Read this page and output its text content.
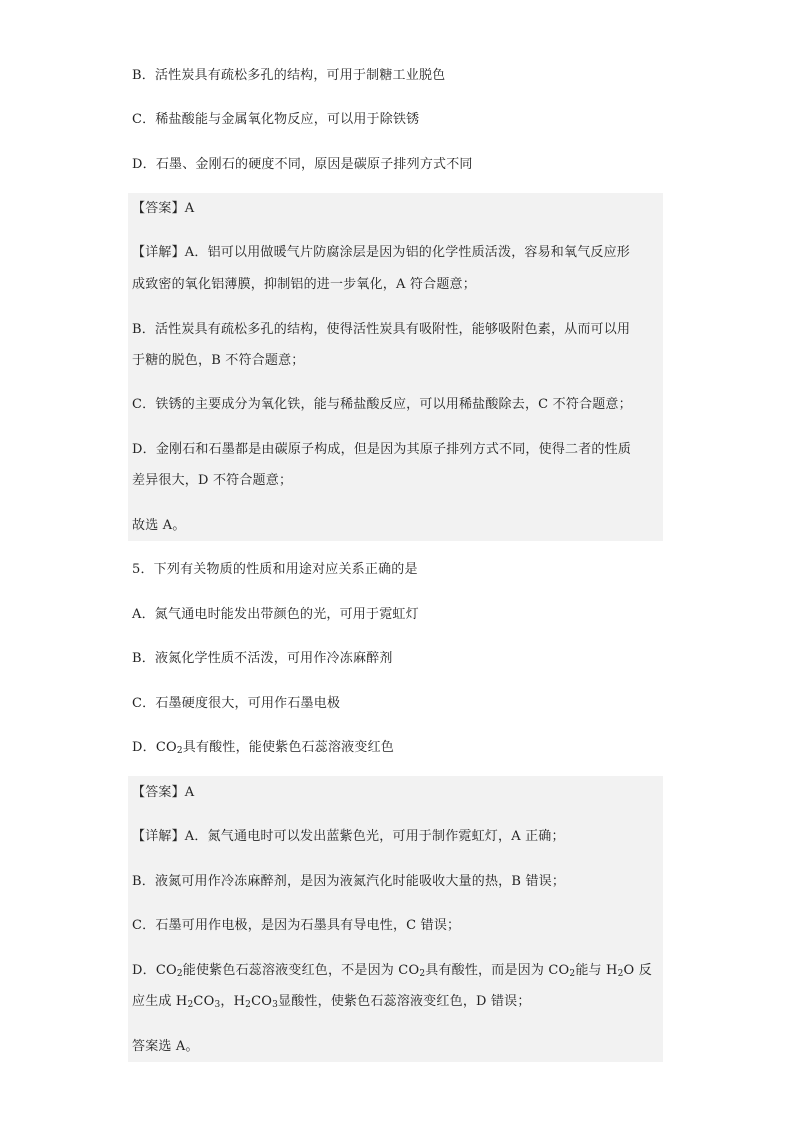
B．活性炭具有疏松多孔的结构，可用于制糖工业脱色
C．稀盐酸能与金属氧化物反应，可以用于除铁锈
D．石墨、金刚石的硬度不同，原因是碳原子排列方式不同
【答案】A
【详解】A．铝可以用做暖气片防腐涂层是因为铝的化学性质活泼，容易和氧气反应形
成致密的氧化铝薄膜，抑制铝的进一步氧化，A 符合题意；
B．活性炭具有疏松多孔的结构，使得活性炭具有吸附性，能够吸附色素，从而可以用
于糖的脱色，B 不符合题意；
C．铁锈的主要成分为氧化铁，能与稀盐酸反应，可以用稀盐酸除去，C 不符合题意；
D．金刚石和石墨都是由碳原子构成，但是因为其原子排列方式不同，使得二者的性质
差异很大，D 不符合题意；
故选 A。
5．下列有关物质的性质和用途对应关系正确的是
A．氮气通电时能发出带颜色的光，可用于霓虹灯
B．液氮化学性质不活泼，可用作冷冻麻醉剂
C．石墨硬度很大，可用作石墨电极
D．$CO_2$具有酸性，能使紫色石蕊溶液变红色
【答案】A
【详解】A．氮气通电时可以发出蓝紫色光，可用于制作霓虹灯，A 正确；
B．液氮可用作冷冻麻醉剂，是因为液氮汽化时能吸收大量的热，B 错误；
C．石墨可用作电极，是因为石墨具有导电性，C 错误；
D．$CO_2$能使紫色石蕊溶液变红色，不是因为 $CO_2$具有酸性，而是因为 $CO_2$能与 $H_2O$ 反
应生成 $H_2CO_3$，$H_2CO_3$显酸性，使紫色石蕊溶液变红色，D 错误；
答案选 A。
